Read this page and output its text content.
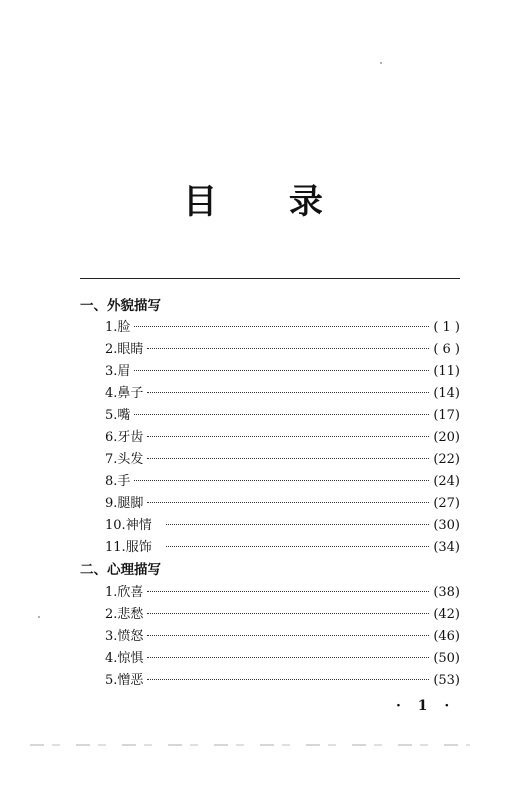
目 录
一、外貌描写
1. 脸	( 1 )
2. 眼睛	( 6 )
3. 眉	(11)
4. 鼻子	(14)
5. 嘴	(17)
6. 牙齿	(20)
7. 头发	(22)
8. 手	(24)
9. 腿脚	(27)
10. 神情	(30)
11. 服饰	(34)
二、心理描写
1. 欣喜	(38)
2. 悲愁	(42)
3. 愤怒	(46)
4. 惊惧	(50)
5. 憎恶	(53)
· 1 ·
